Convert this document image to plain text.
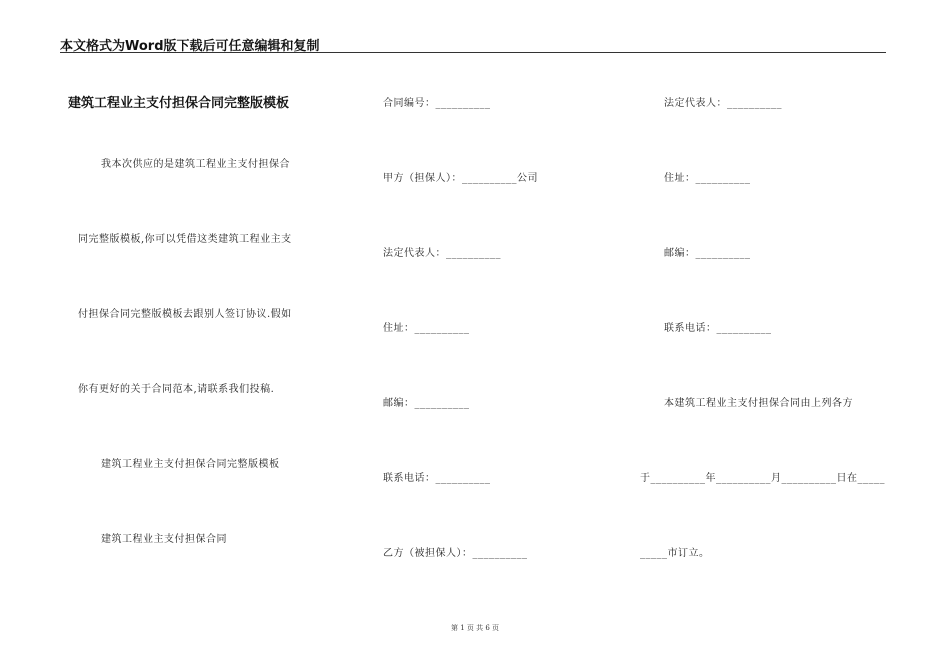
本文格式为Word版下载后可任意编辑和复制
建筑工程业主支付担保合同完整版模板
我本次供应的是建筑工程业主支付担保合
同完整版模板,你可以凭借这类建筑工程业主支
付担保合同完整版模板去跟别人签订协议.假如
你有更好的关于合同范本,请联系我们投稿.
建筑工程业主支付担保合同完整版模板
建筑工程业主支付担保合同
合同编号：__________
甲方（担保人）：__________公司
法定代表人：__________
住址：__________
邮编：__________
联系电话：__________
乙方（被担保人）：__________
法定代表人：__________
住址：__________
邮编：__________
联系电话：__________
本建筑工程业主支付担保合同由上列各方
于__________年__________月__________日在_____
_____市订立。
第 1 页 共 6 页
